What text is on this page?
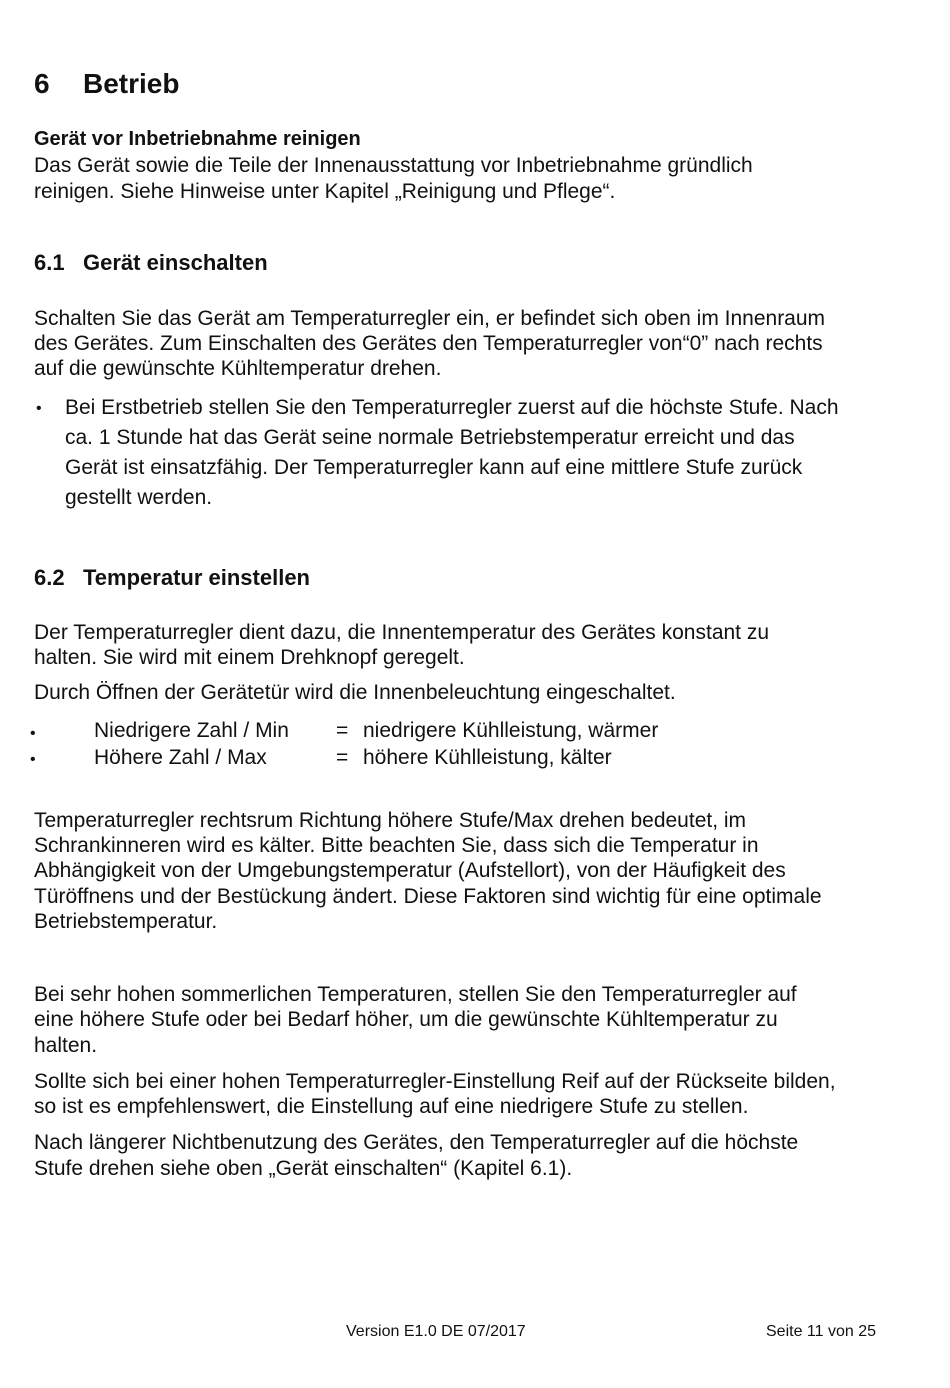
6 Betrieb
Gerät vor Inbetriebnahme reinigen
Das Gerät sowie die Teile der Innenausstattung vor Inbetriebnahme gründlich
reinigen. Siehe Hinweise unter Kapitel „Reinigung und Pflege“.
6.1 Gerät einschalten
Schalten Sie das Gerät am Temperaturregler ein, er befindet sich oben im Innenraum
des Gerätes. Zum Einschalten des Gerätes den Temperaturregler von“0” nach rechts
auf die gewünschte Kühltemperatur drehen.
• Bei Erstbetrieb stellen Sie den Temperaturregler zuerst auf die höchste Stufe. Nach
ca. 1 Stunde hat das Gerät seine normale Betriebstemperatur erreicht und das
Gerät ist einsatzfähig. Der Temperaturregler kann auf eine mittlere Stufe zurück
gestellt werden.
6.2 Temperatur einstellen
Der Temperaturregler dient dazu, die Innentemperatur des Gerätes konstant zu
halten. Sie wird mit einem Drehknopf geregelt.
Durch Öffnen der Gerätetür wird die Innenbeleuchtung eingeschaltet.
•	Niedrigere Zahl / Min = niedrigere Kühlleistung, wärmer
•	Höhere Zahl / Max	= höhere Kühlleistung, kälter
Temperaturregler rechtsrum Richtung höhere Stufe/Max drehen bedeutet, im
Schrankinneren wird es kälter. Bitte beachten Sie, dass sich die Temperatur in
Abhängigkeit von der Umgebungstemperatur (Aufstellort), von der Häufigkeit des
Türöffnens und der Bestückung ändert. Diese Faktoren sind wichtig für eine optimale
Betriebstemperatur.
Bei sehr hohen sommerlichen Temperaturen, stellen Sie den Temperaturregler auf
eine höhere Stufe oder bei Bedarf höher, um die gewünschte Kühltemperatur zu
halten.
Sollte sich bei einer hohen Temperaturregler-Einstellung Reif auf der Rückseite bilden,
so ist es empfehlenswert, die Einstellung auf eine niedrigere Stufe zu stellen.
Nach längerer Nichtbenutzung des Gerätes, den Temperaturregler auf die höchste
Stufe drehen siehe oben „Gerät einschalten“ (Kapitel 6.1).
Version E1.0 DE 07/2017	Seite 11 von 25
